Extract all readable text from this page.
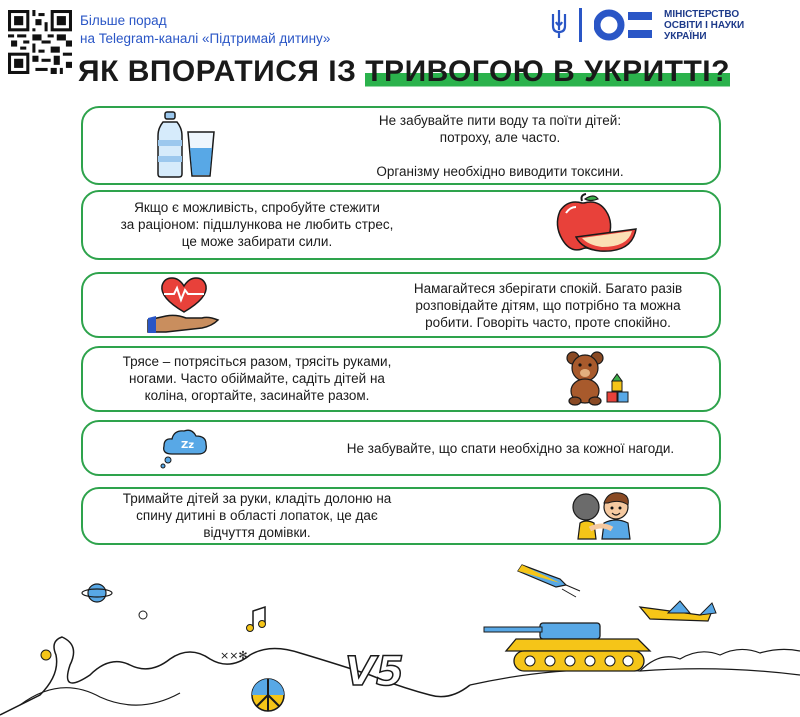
Більше порад
на Telegram-каналі «Підтримай дитину»
ЯК ВПОРАТИСЯ ІЗ ТРИВОГОЮ В УКРИТТІ?
МІНІСТЕРСТВО
ОСВІТИ І НАУКИ
УКРАЇНИ

Не забувайте пити воду та поїти дітей:

потроху, але часто.

Організму необхідно виводити токсини.

Якщо є можливість, спробуйте стежити

за раціоном: підшлункова не любить стрес,

це може забирати сили.

Намагайтеся зберігати спокій. Багато разів

розповідайте дітям, що потрібно та можна

робити. Говоріть часто, проте спокійно.

Трясе – потрясіться разом, трясіть руками,

ногами. Часто обіймайте, садіть дітей на

коліна, огортайте, засинайте разом.

Zz	Не забувайте, що спати необхідно за кожної нагоди.

Тримайте дітей за руки, кладіть долоню на

спину дитині в області лопаток, це дає

відчуття домівки.

××✻ V5
